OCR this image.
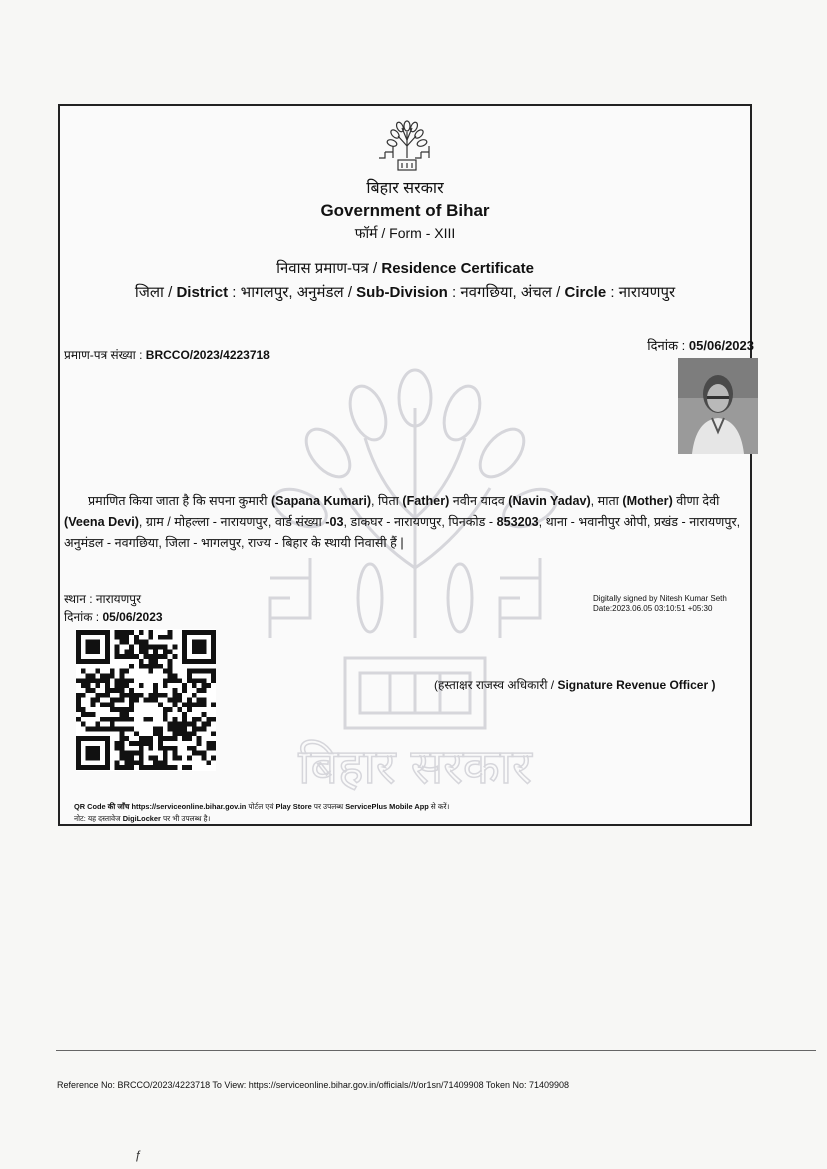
बिहार सरकार
Government of Bihar
फॉर्म / Form - XIII
निवास प्रमाण-पत्र / Residence Certificate
जिला / District : भागलपुर, अनुमंडल / Sub-Division : नवगछिया, अंचल / Circle : नारायणपुर
प्रमाण-पत्र संख्या : BRCCO/2023/4223718
दिनांक : 05/06/2023
बिहार सरकार
प्रमाणित किया जाता है कि सपना कुमारी (Sapana Kumari), पिता (Father) नवीन यादव (Navin Yadav), माता (Mother) वीणा देवी (Veena Devi), ग्राम / मोहल्ला - नारायणपुर, वार्ड संख्या -03, डाकघर - नारायणपुर, पिनकोड - 853203, थाना - भवानीपुर ओपी, प्रखंड - नारायणपुर, अनुमंडल - नवगछिया, जिला - भागलपुर, राज्य - बिहार के स्थायी निवासी हैं |
स्थान : नारायणपुर
दिनांक : 05/06/2023
Digitally signed by Nitesh Kumar Seth
Date:2023.06.05 03:10:51 +05:30
(हस्ताक्षर राजस्व अधिकारी / Signature Revenue Officer )
QR Code की जाँच https://serviceonline.bihar.gov.in पोर्टल एवं Play Store पर उपलब्ध ServicePlus Mobile App से करें।
नोट: यह दस्तावेज DigiLocker पर भी उपलब्ध है।
Reference No: BRCCO/2023/4223718 To View: https://serviceonline.bihar.gov.in/officials//t/or1sn/71409908 Token No: 71409908
ƒ
